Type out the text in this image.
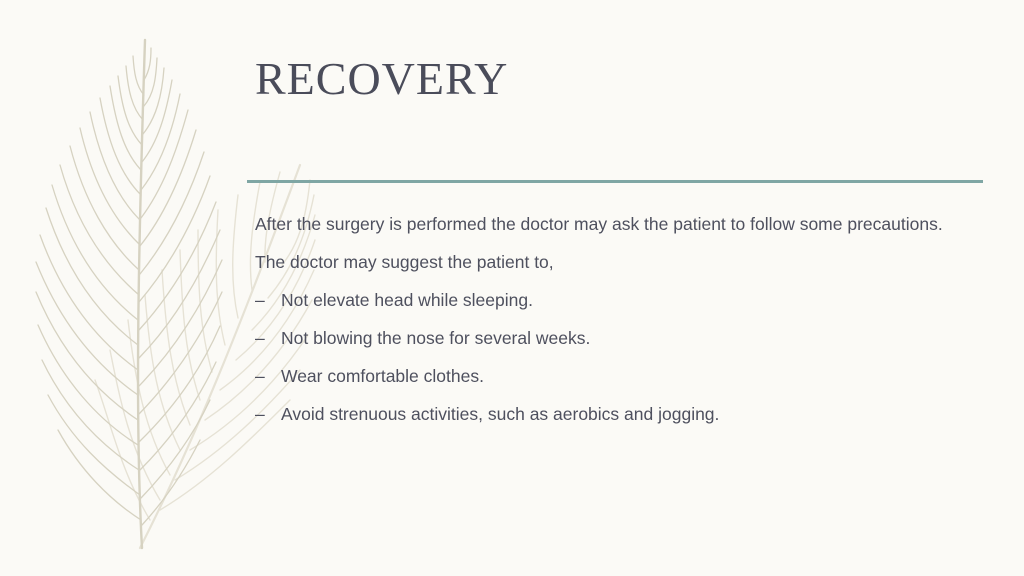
RECOVERY

After the surgery is performed the doctor may ask the patient to follow some precautions.

The doctor may suggest the patient to,

– Not elevate head while sleeping.
– Not blowing the nose for several weeks.
– Wear comfortable clothes.
– Avoid strenuous activities, such as aerobics and jogging.
